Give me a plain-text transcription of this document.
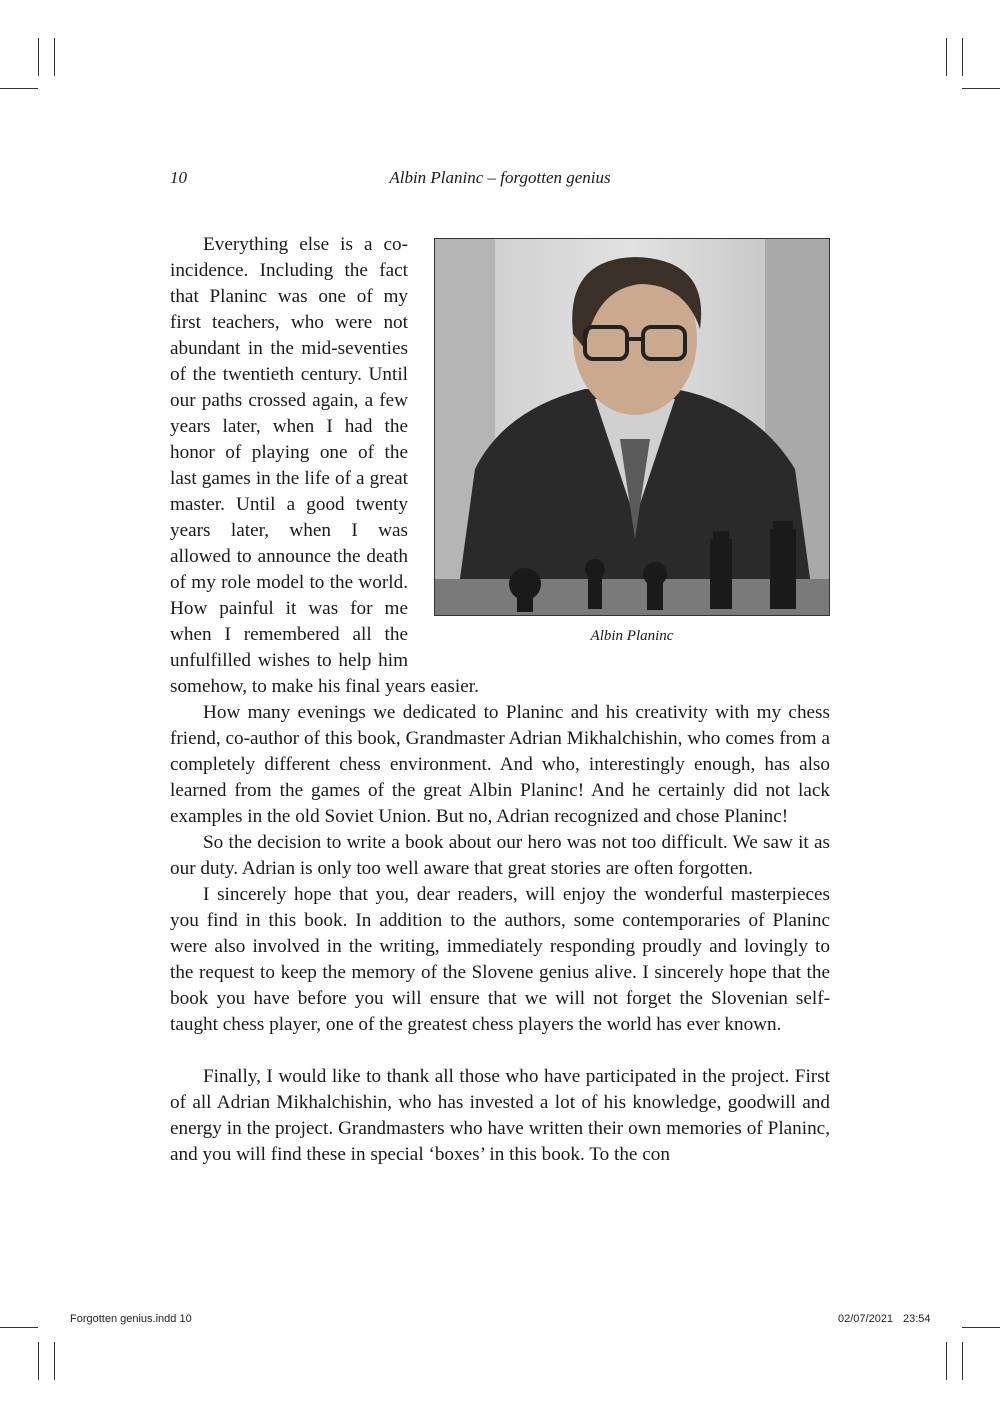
10	Albin Planinc – forgotten genius
Albin Planinc

Everything else is a coincidence. Including the fact that Planinc was one of my first teachers, who were not abundant in the mid-seventies of the twentieth century. Until our paths crossed again, a few years later, when I had the honor of playing one of the last games in the life of a great master. Until a good twenty years later, when I was allowed to announce the death of my role model to the world. How painful it was for me when I remembered all the unfulfilled wishes to help him somehow, to make his final years easier.

How many evenings we dedicated to Planinc and his creativity with my chess friend, co-author of this book, Grandmaster Adrian Mikhalchishin, who comes from a completely different chess environment. And who, interestingly enough, has also learned from the games of the great Albin Planinc! And he certainly did not lack examples in the old Soviet Union. But no, Adrian recognized and chose Planinc!

So the decision to write a book about our hero was not too difficult. We saw it as our duty. Adrian is only too well aware that great stories are often forgotten.

I sincerely hope that you, dear readers, will enjoy the wonderful masterpieces you find in this book. In addition to the authors, some contemporaries of Planinc were also involved in the writing, immediately responding proudly and lovingly to the request to keep the memory of the Slovene genius alive. I sincerely hope that the book you have before you will ensure that we will not forget the Slovenian self-taught chess player, one of the greatest chess players the world has ever known.

Finally, I would like to thank all those who have participated in the project. First of all Adrian Mikhalchishin, who has invested a lot of his knowledge, goodwill and energy in the project. Grandmasters who have written their own memories of Planinc, and you will find these in special ‘boxes’ in this book. To the con

Forgotten genius.indd 10	02/07/2021 23:54
